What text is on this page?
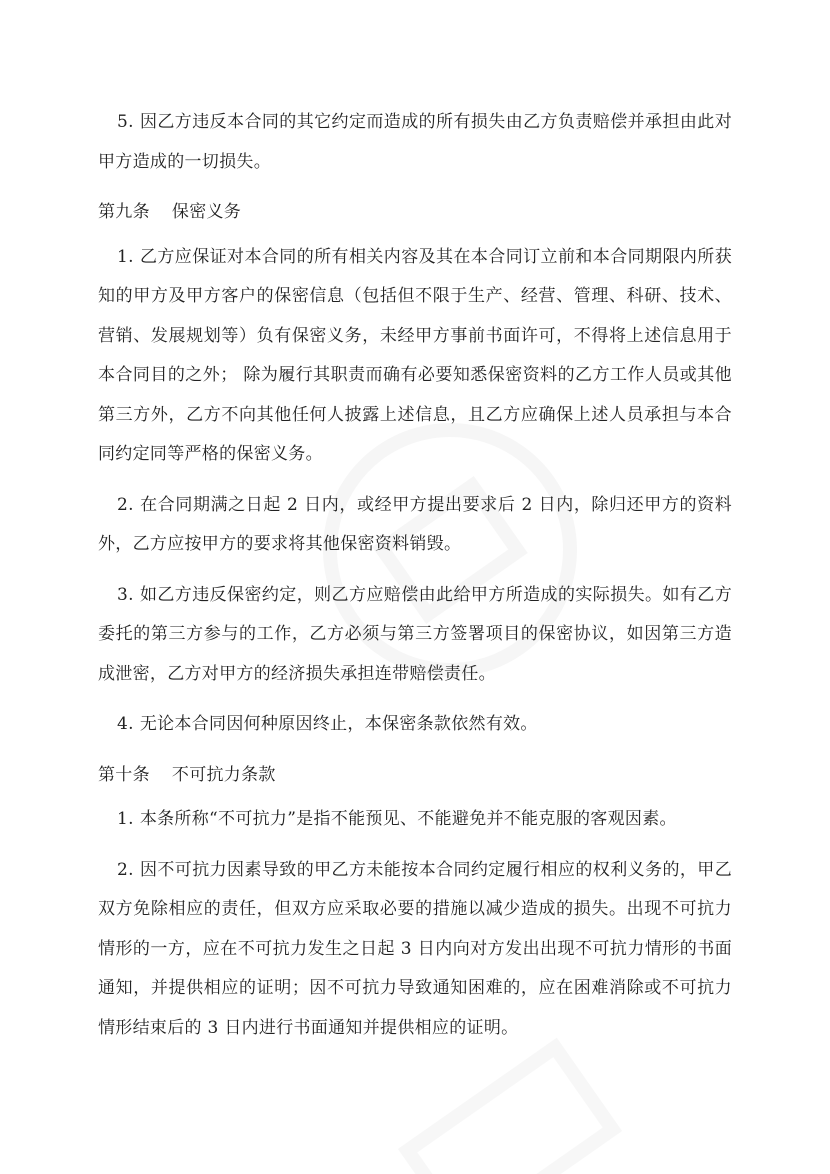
5. 因乙方违反本合同的其它约定而造成的所有损失由乙方负责赔偿并承担由此对甲方造成的一切损失。

第九条 保密义务

1. 乙方应保证对本合同的所有相关内容及其在本合同订立前和本合同期限内所获知的甲方及甲方客户的保密信息（包括但不限于生产、经营、管理、科研、技术、营销、发展规划等）负有保密义务，未经甲方事前书面许可，不得将上述信息用于本合同目的之外； 除为履行其职责而确有必要知悉保密资料的乙方工作人员或其他第三方外，乙方不向其他任何人披露上述信息，且乙方应确保上述人员承担与本合同约定同等严格的保密义务。

2. 在合同期满之日起 2 日内，或经甲方提出要求后 2 日内，除归还甲方的资料外，乙方应按甲方的要求将其他保密资料销毁。

3. 如乙方违反保密约定，则乙方应赔偿由此给甲方所造成的实际损失。如有乙方委托的第三方参与的工作，乙方必须与第三方签署项目的保密协议，如因第三方造成泄密，乙方对甲方的经济损失承担连带赔偿责任。

4. 无论本合同因何种原因终止，本保密条款依然有效。

第十条 不可抗力条款

1. 本条所称“不可抗力”是指不能预见、不能避免并不能克服的客观因素。

2. 因不可抗力因素导致的甲乙方未能按本合同约定履行相应的权利义务的，甲乙双方免除相应的责任，但双方应采取必要的措施以减少造成的损失。出现不可抗力情形的一方，应在不可抗力发生之日起 3 日内向对方发出出现不可抗力情形的书面通知，并提供相应的证明；因不可抗力导致通知困难的，应在困难消除或不可抗力情形结束后的 3 日内进行书面通知并提供相应的证明。
